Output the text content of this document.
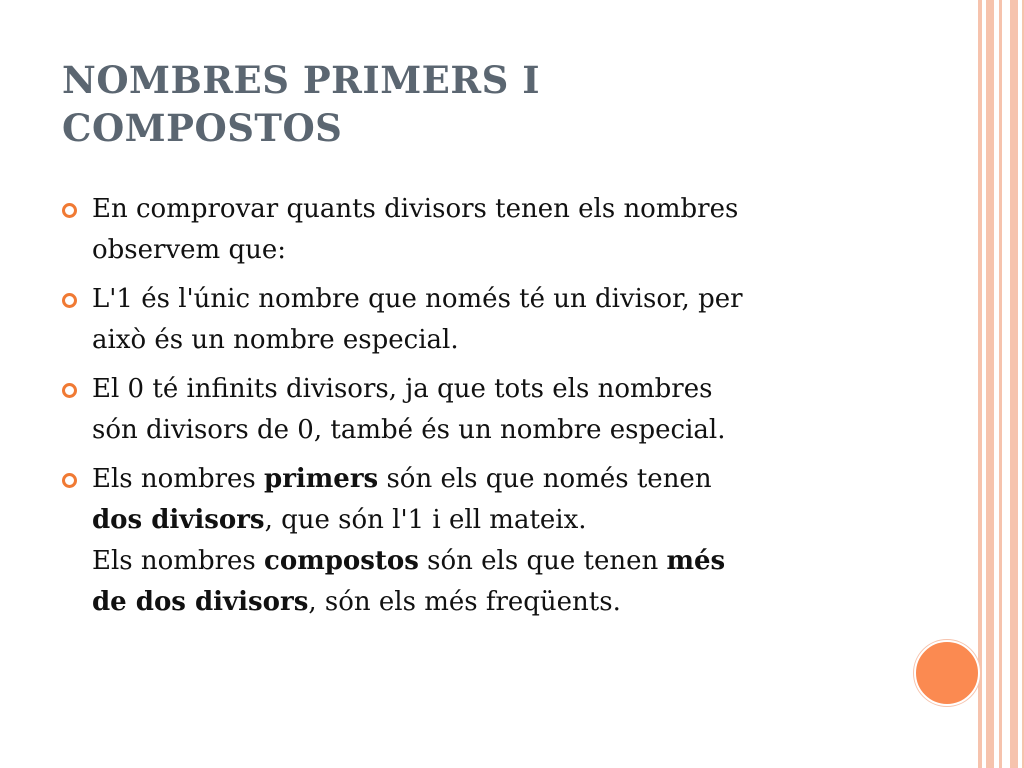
NOMBRES PRIMERS I
COMPOSTOS
En comprovar quants divisors tenen els nombres
observem que:
L'1 és l'únic nombre que només té un divisor, per
això és un nombre especial.
El 0 té infinits divisors, ja que tots els nombres
són divisors de 0, també és un nombre especial.
Els nombres primers són els que només tenen
dos divisors, que són l'1 i ell mateix.
Els nombres compostos són els que tenen més
de dos divisors, són els més freqüents.
